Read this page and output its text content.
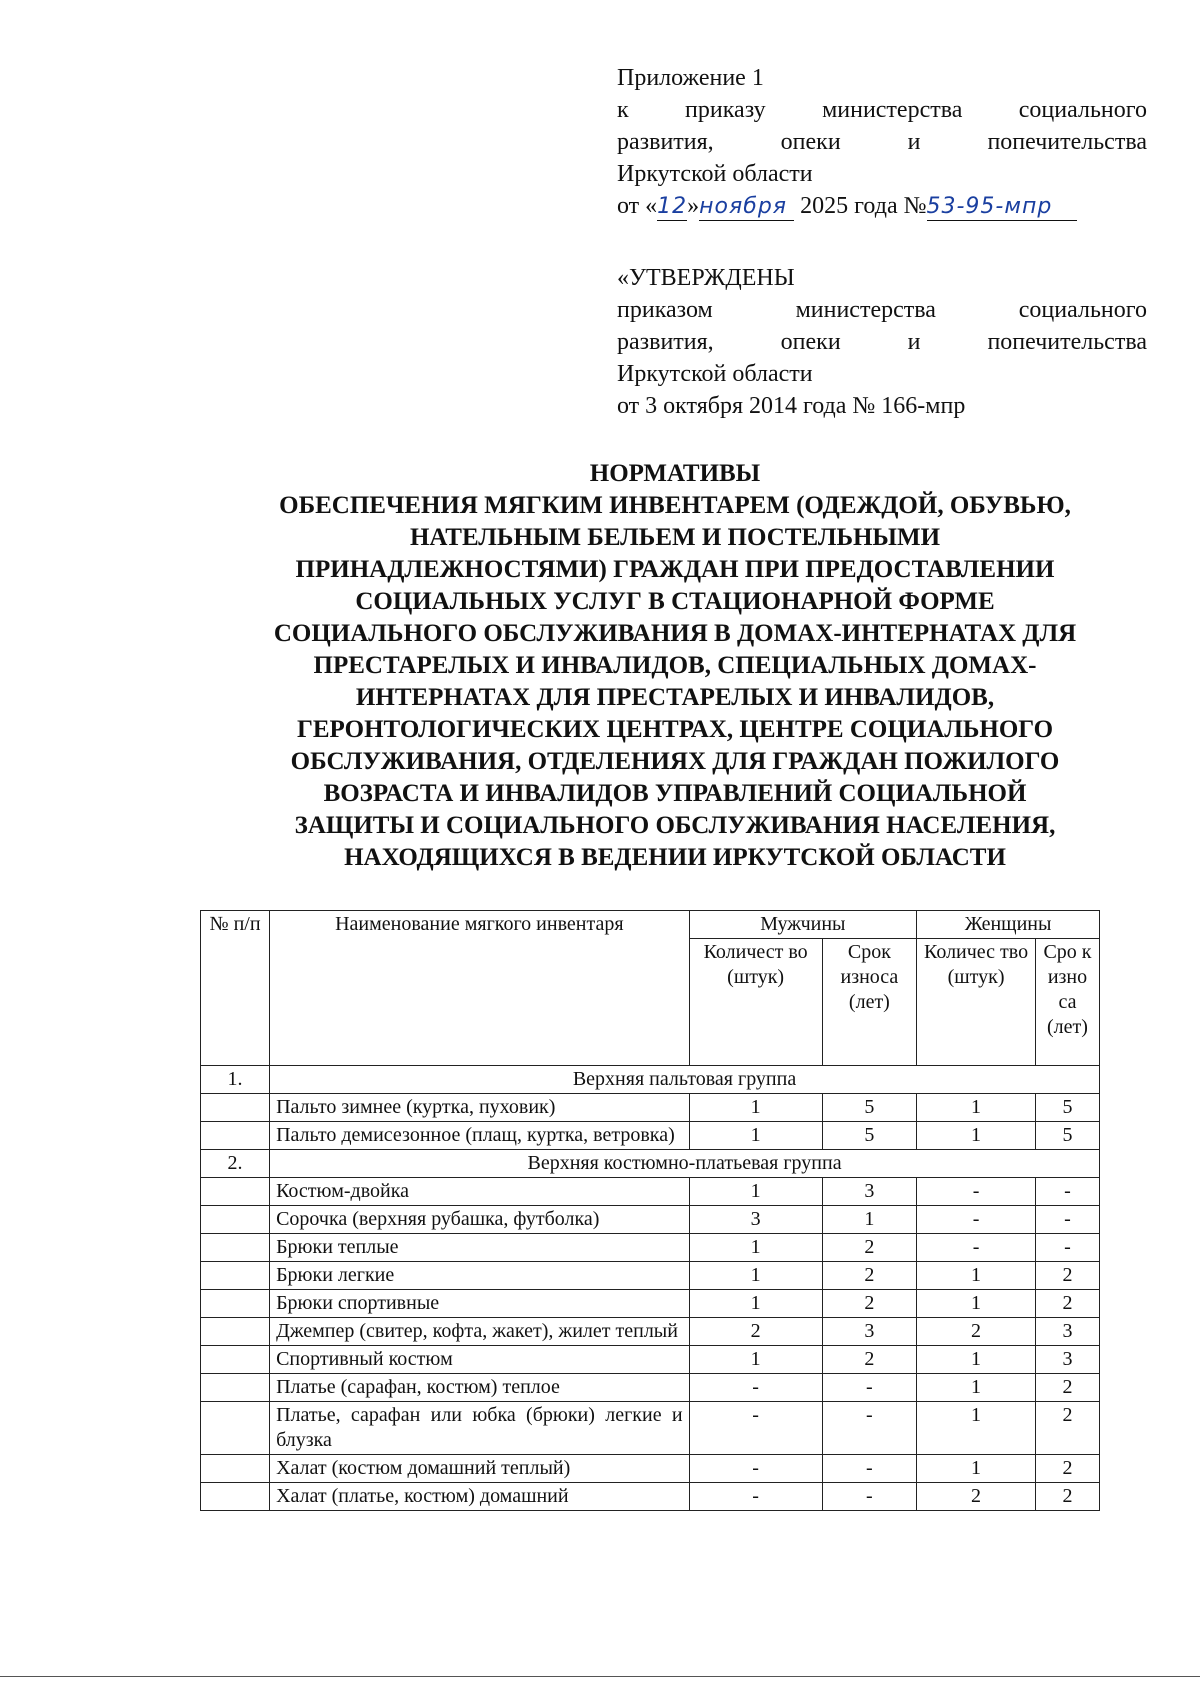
Приложение 1
к приказу министерства социального
развития, опеки и попечительства
Иркутской области
от «12»ноября 2025 года №53-95-мпр
«УТВЕРЖДЕНЫ
приказом министерства социального
развития, опеки и попечительства
Иркутской области
от 3 октября 2014 года № 166-мпр
НОРМАТИВЫ
ОБЕСПЕЧЕНИЯ МЯГКИМ ИНВЕНТАРЕМ (ОДЕЖДОЙ, ОБУВЬЮ,
НАТЕЛЬНЫМ БЕЛЬЕМ И ПОСТЕЛЬНЫМИ
ПРИНАДЛЕЖНОСТЯМИ) ГРАЖДАН ПРИ ПРЕДОСТАВЛЕНИИ
СОЦИАЛЬНЫХ УСЛУГ В СТАЦИОНАРНОЙ ФОРМЕ
СОЦИАЛЬНОГО ОБСЛУЖИВАНИЯ В ДОМАХ-ИНТЕРНАТАХ ДЛЯ
ПРЕСТАРЕЛЫХ И ИНВАЛИДОВ, СПЕЦИАЛЬНЫХ ДОМАХ-
ИНТЕРНАТАХ ДЛЯ ПРЕСТАРЕЛЫХ И ИНВАЛИДОВ,
ГЕРОНТОЛОГИЧЕСКИХ ЦЕНТРАХ, ЦЕНТРЕ СОЦИАЛЬНОГО
ОБСЛУЖИВАНИЯ, ОТДЕЛЕНИЯХ ДЛЯ ГРАЖДАН ПОЖИЛОГО
ВОЗРАСТА И ИНВАЛИДОВ УПРАВЛЕНИЙ СОЦИАЛЬНОЙ
ЗАЩИТЫ И СОЦИАЛЬНОГО ОБСЛУЖИВАНИЯ НАСЕЛЕНИЯ,
НАХОДЯЩИХСЯ В ВЕДЕНИИ ИРКУТСКОЙ ОБЛАСТИ
№ п/п	Наименование мягкого инвентаря	Мужчины		Женщины	
		Количест во (штук)	Срок износа (лет)	Количес тво (штук)	Сро к изно са (лет)
1.	Верхняя пальтовая группа				
	Пальто зимнее (куртка, пуховик)	1	5	1	5
	Пальто демисезонное (плащ, куртка, ветровка)	1	5	1	5
2.	Верхняя костюмно-платьевая группа				
	Костюм-двойка	1	3	-	-
	Сорочка (верхняя рубашка, футболка)	3	1	-	-
	Брюки теплые	1	2	-	-
	Брюки легкие	1	2	1	2
	Брюки спортивные	1	2	1	2
	Джемпер (свитер, кофта, жакет), жилет теплый	2	3	2	3
	Спортивный костюм	1	2	1	3
	Платье (сарафан, костюм) теплое	-	-	1	2
	Платье, сарафан или юбка (брюки) легкие и блузка	-	-	1	2
	Халат (костюм домашний теплый)	-	-	1	2
	Халат (платье, костюм) домашний	-	-	2	2
